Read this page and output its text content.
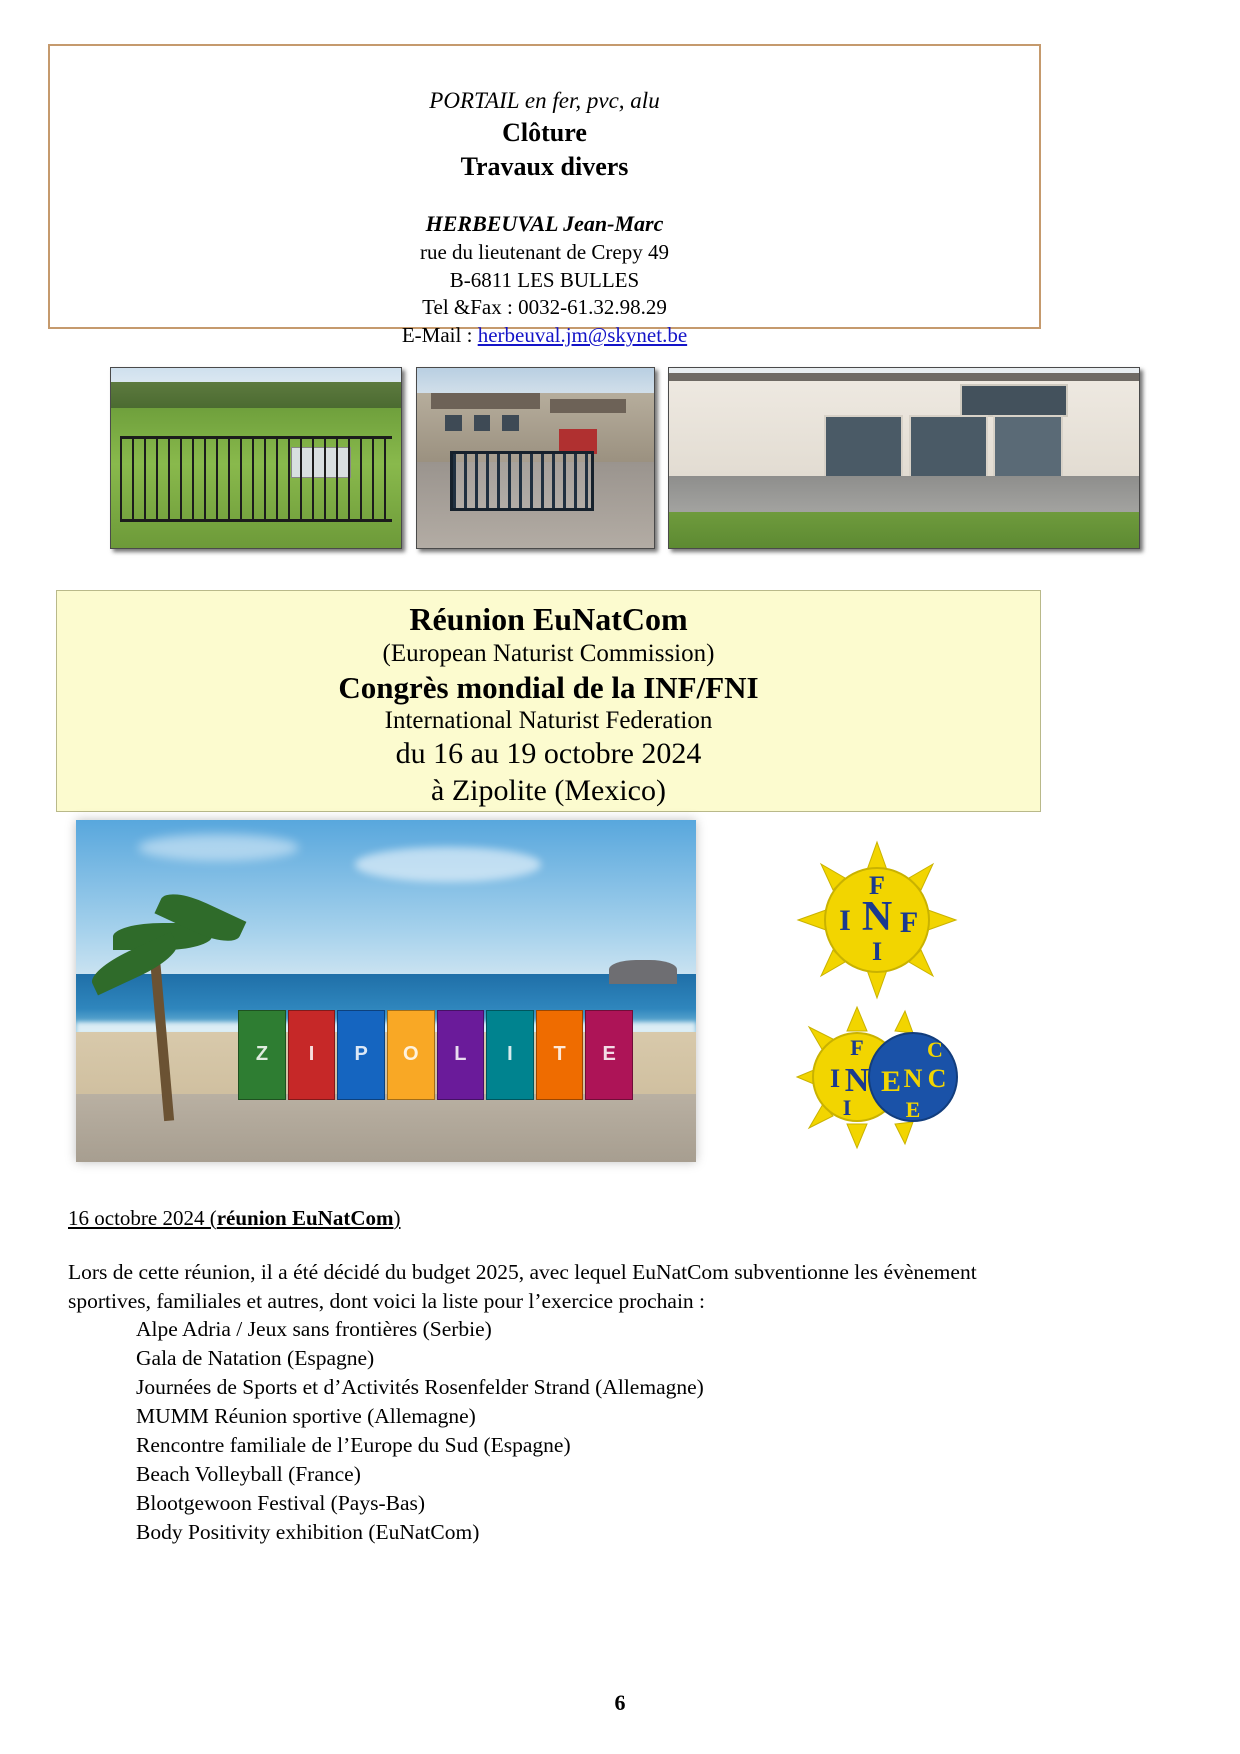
PORTAIL en fer, pvc, alu
Clôture
Travaux divers
HERBEUVAL Jean-Marc
rue du lieutenant de Crepy 49
B-6811 LES BULLES
Tel &Fax : 0032-61.32.98.29
E-Mail : herbeuval.jm@skynet.be
Réunion EuNatCom
(European Naturist Commission)
Congrès mondial de la INF/FNI
International Naturist Federation
du 16 au 19 octobre 2024
à Zipolite (Mexico)
Z	I	P	O	L	I	T	E
N
I F
F
I
I N
F
I
E N C
C
E
16 octobre 2024 (réunion EuNatCom)

Lors de cette réunion, il a été décidé du budget 2025, avec lequel EuNatCom subventionne les évènement sportives, familiales et autres, dont voici la liste pour l’exercice prochain :

Alpe Adria / Jeux sans frontières (Serbie)
Gala de Natation (Espagne)
Journées de Sports et d’Activités Rosenfelder Strand (Allemagne)
MUMM Réunion sportive (Allemagne)
Rencontre familiale de l’Europe du Sud (Espagne)
Beach Volleyball (France)
Blootgewoon Festival (Pays-Bas)
Body Positivity exhibition (EuNatCom)
6
